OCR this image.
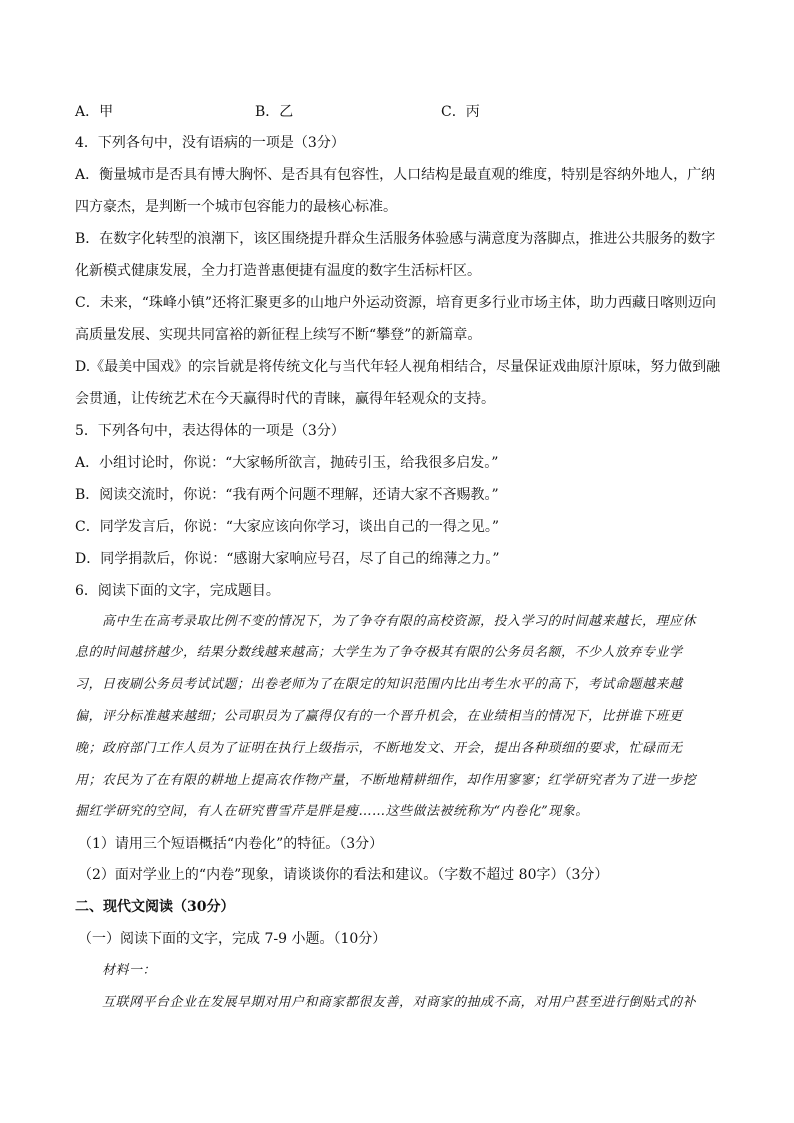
A．甲	B．乙	C．丙
4．下列各句中，没有语病的一项是（3分）
A．衡量城市是否具有博大胸怀、是否具有包容性，人口结构是最直观的维度，特别是容纳外地人，广纳
四方豪杰，是判断一个城市包容能力的最核心标准。
B．在数字化转型的浪潮下，该区围绕提升群众生活服务体验感与满意度为落脚点，推进公共服务的数字
化新模式健康发展，全力打造普惠便捷有温度的数字生活标杆区。
C．未来，“珠峰小镇”还将汇聚更多的山地户外运动资源，培育更多行业市场主体，助力西藏日喀则迈向
高质量发展、实现共同富裕的新征程上续写不断“攀登”的新篇章。
D.《最美中国戏》的宗旨就是将传统文化与当代年轻人视角相结合，尽量保证戏曲原汁原味，努力做到融
会贯通，让传统艺术在今天赢得时代的青睐，赢得年轻观众的支持。
5．下列各句中，表达得体的一项是（3分）
A．小组讨论时，你说：“大家畅所欲言，抛砖引玉，给我很多启发。”
B．阅读交流时，你说：“我有两个问题不理解，还请大家不吝赐教。”
C．同学发言后，你说：“大家应该向你学习，谈出自己的一得之见。”
D．同学捐款后，你说：“感谢大家响应号召，尽了自己的绵薄之力。”
6．阅读下面的文字，完成题目。
　　高中生在高考录取比例不变的情况下，为了争夺有限的高校资源，投入学习的时间越来越长，理应休
息的时间越挤越少，结果分数线越来越高；大学生为了争夺极其有限的公务员名额，不少人放弃专业学
习，日夜刷公务员考试试题；出卷老师为了在限定的知识范围内比出考生水平的高下，考试命题越来越
偏，评分标准越来越细；公司职员为了赢得仅有的一个晋升机会，在业绩相当的情况下，比拼谁下班更
晚；政府部门工作人员为了证明在执行上级指示，不断地发文、开会，提出各种琐细的要求，忙碌而无
用；农民为了在有限的耕地上提高农作物产量，不断地精耕细作，却作用寥寥；红学研究者为了进一步挖
掘红学研究的空间，有人在研究曹雪芹是胖是瘦……这些做法被统称为“内卷化”现象。
（1）请用三个短语概括“内卷化”的特征。（3分）
（2）面对学业上的“内卷”现象，请谈谈你的看法和建议。（字数不超过 80字）（3分）
二、现代文阅读（30分）
（一）阅读下面的文字，完成 7-9 小题。（10分）
　　材料一：
　　互联网平台企业在发展早期对用户和商家都很友善，对商家的抽成不高，对用户甚至进行倒贴式的补
